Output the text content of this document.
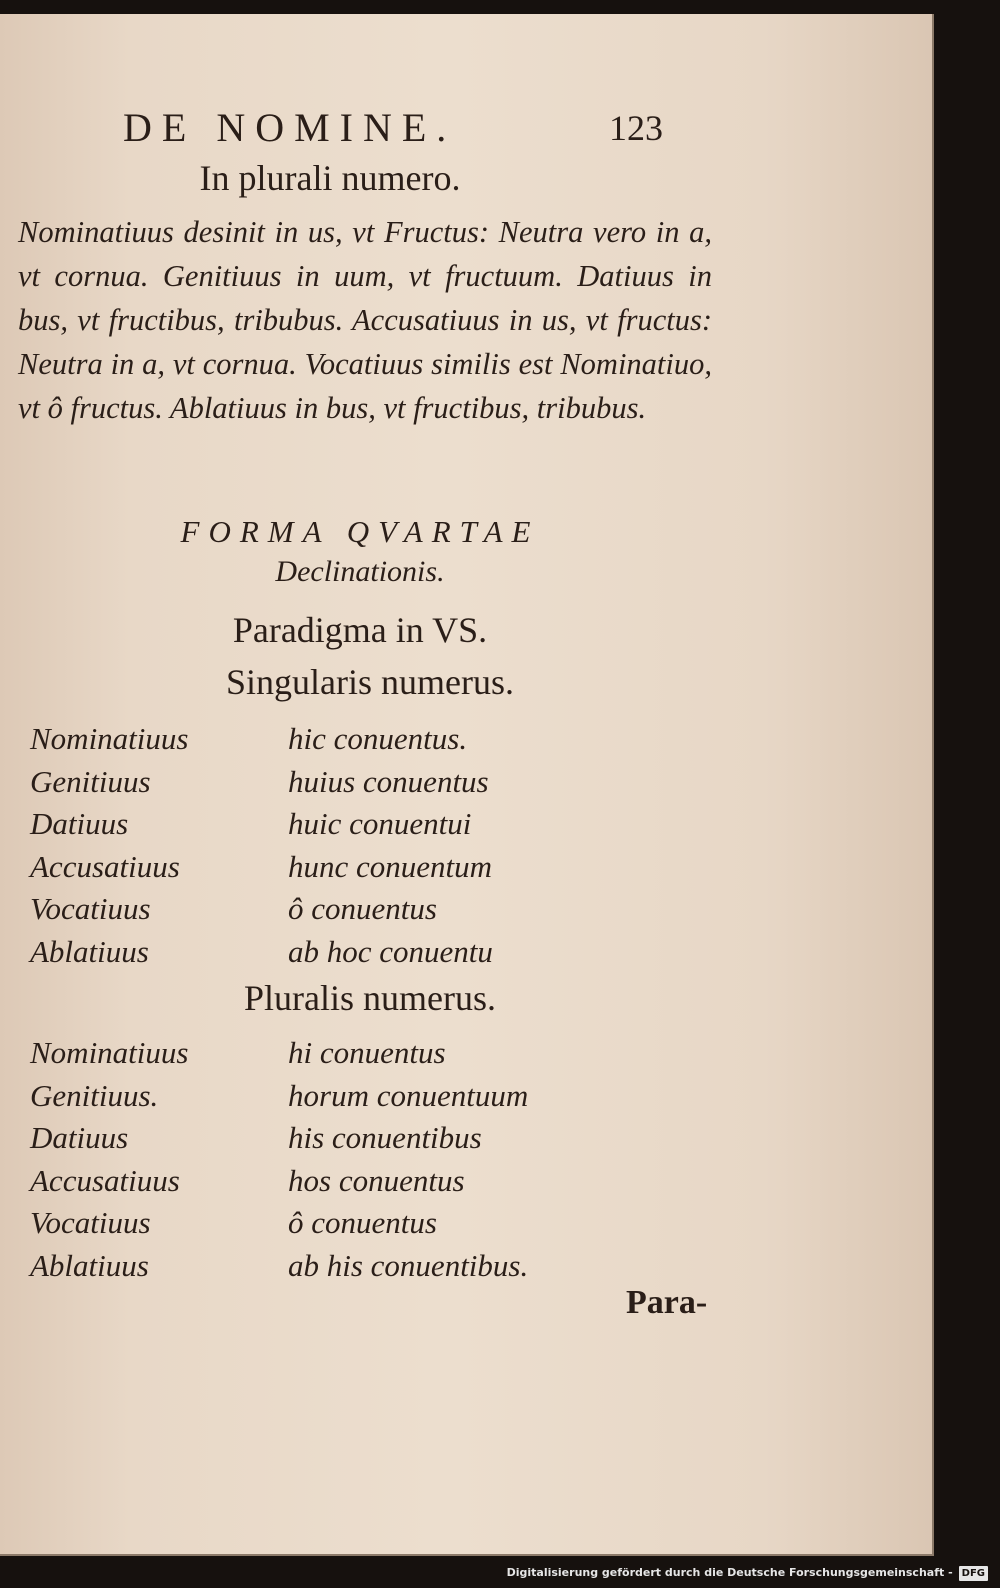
DE NOMINE.	123
In plurali numero.
Nominatiuus desinit in us, vt Fructus: Neutra vero in a, vt cornua. Genitiuus in uum, vt fructuum. Datiuus in bus, vt fructibus, tribubus. Accusatiuus in us, vt fructus: Neutra in a, vt cornua. Vocatiuus similis est Nominatiuo, vt ô fructus. Ablatiuus in bus, vt fructibus, tribubus.
FORMA QVARTAE
Declinationis.
Paradigma in VS.
Singularis numerus.
Nominatiuus	hic conuentus.
Genitiuus	huius conuentus
Datiuus	huic conuentui
Accusatiuus	hunc conuentum
Vocatiuus	ô conuentus
Ablatiuus	ab hoc conuentu
Pluralis numerus.
Nominatiuus	hi conuentus
Genitiuus.	horum conuentuum
Datiuus	his conuentibus
Accusatiuus	hos conuentus
Vocatiuus	ô conuentus
Ablatiuus	ab his conuentibus.
Para-
Digitalisierung gefördert durch die Deutsche Forschungsgemeinschaft - DFG
